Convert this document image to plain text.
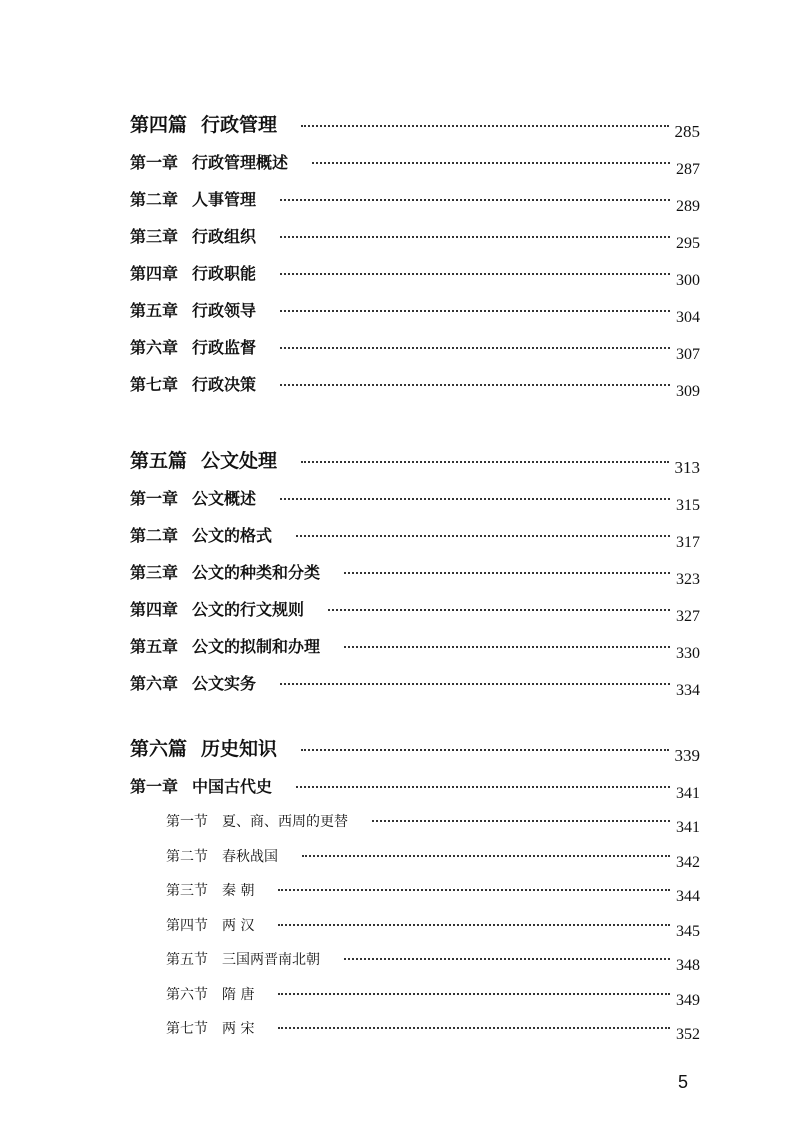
第四篇 行政管理	285
第一章 行政管理概述	287
第二章 人事管理	289
第三章 行政组织	295
第四章 行政职能	300
第五章 行政领导	304
第六章 行政监督	307
第七章 行政决策	309
第五篇 公文处理	313
第一章 公文概述	315
第二章 公文的格式	317
第三章 公文的种类和分类	323
第四章 公文的行文规则	327
第五章 公文的拟制和办理	330
第六章 公文实务	334
第六篇 历史知识	339
第一章 中国古代史	341
第一节 夏、商、西周的更替	341
第二节 春秋战国	342
第三节 秦 朝	344
第四节 两 汉	345
第五节 三国两晋南北朝	348
第六节 隋 唐	349
第七节 两 宋	352
5
